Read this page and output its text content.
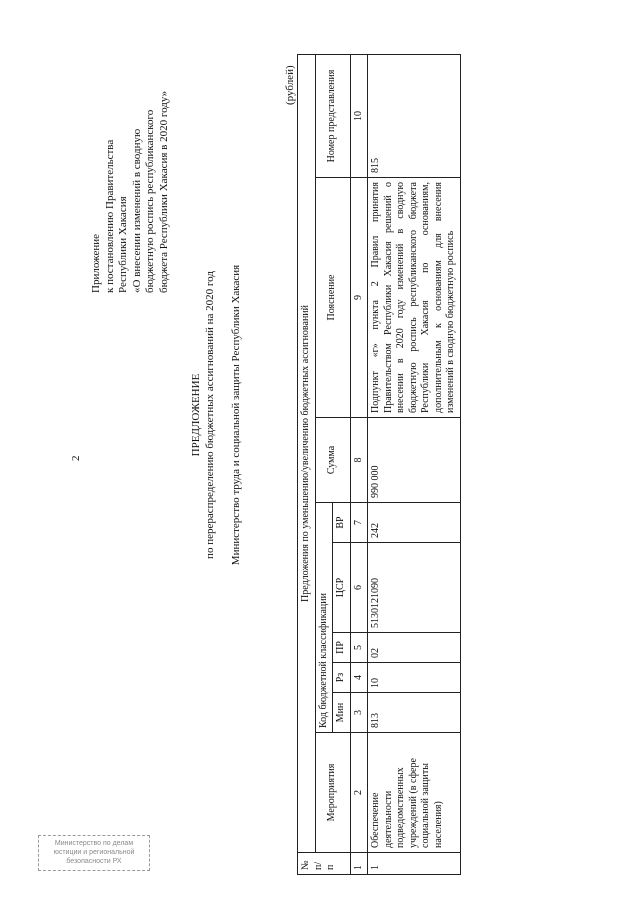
2
Приложение к постановлению Правительства Республики Хакасия «О внесении изменений в сводную бюджетную роспись республиканского бюджета Республики Хакасия в 2020 году»
ПРЕДЛОЖЕНИЕ по перераспределению бюджетных ассигнований на 2020 год Министерство труда и социальной защиты Республики Хакасия
(рублей)
№ п/п	Предложения по уменьшению/увеличению бюджетных ассигнований								
	Мероприятия	Код бюджетной классификации					Сумма	Пояснение	Номер представления
		Мин	Рз	ПР	ЦСР	ВР			
1	2	3	4	5	6	7	8	9	10
1	Обеспечение деятельности подведомственных учреждений (в сфере социальной защиты населения)	813	10	02	5130121090	242	990 000	Подпункт «г» пункта 2 Правил принятия Правительством Республики Хакасия решений о внесении в 2020 году изменений в сводную бюджетную роспись республиканского бюджета Республики Хакасия по основаниям, дополнительным к основаниям для внесения изменений в сводную бюджетную роспись	815
Министерство по делам
юстиции и региональной
безопасности РХ
